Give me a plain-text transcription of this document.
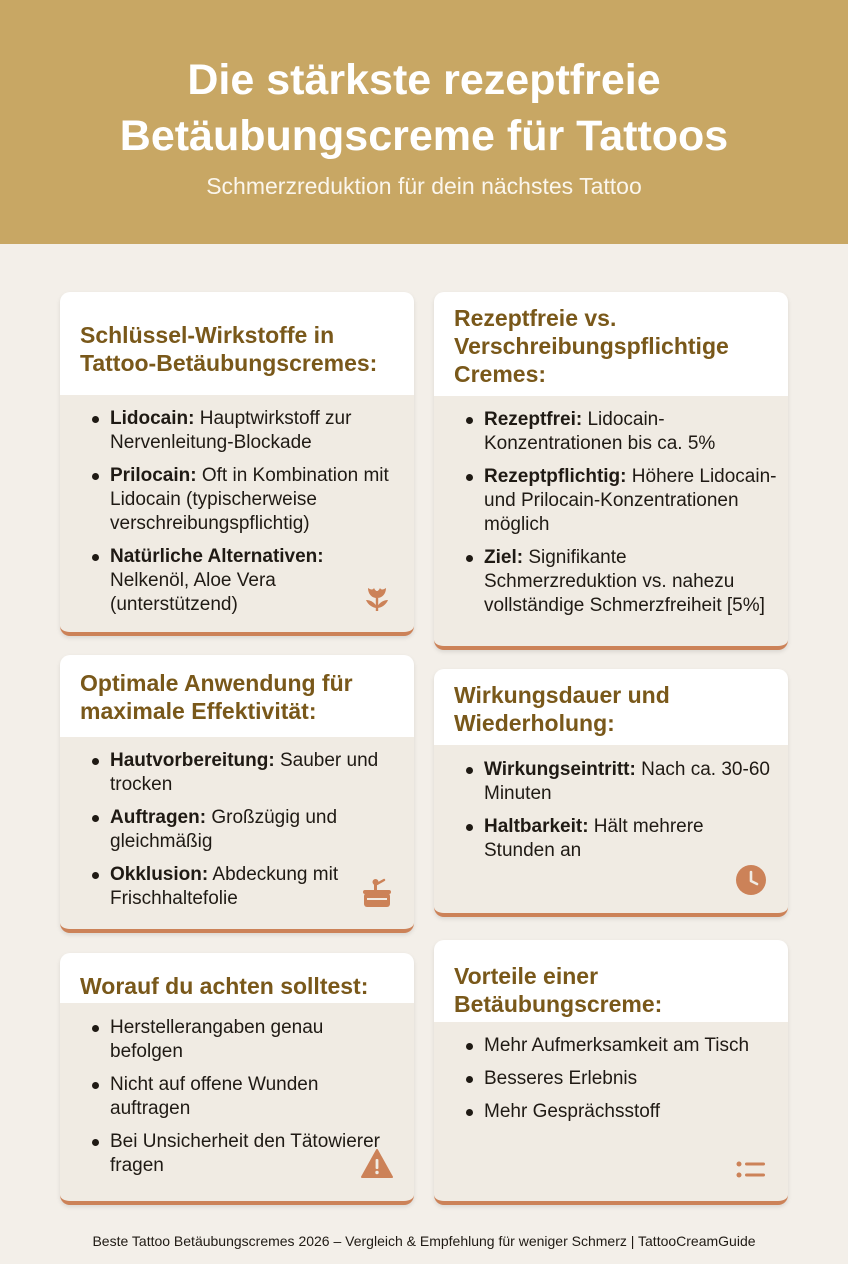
Die stärkste rezeptfreie
Betäubungscreme für Tattoos
Schmerzreduktion für dein nächstes Tattoo
Schlüssel-Wirkstoffe in
Tattoo-Betäubungscremes:
Lidocain: Hauptwirkstoff zur Nervenleitung-Blockade
Prilocain: Oft in Kombination mit Lidocain (typischerweise verschreibungspflichtig)
Natürliche Alternativen: Nelkenöl, Aloe Vera (unterstützend)
Rezeptfreie vs.
Verschreibungspflichtige
Cremes:
Rezeptfrei: Lidocain-Konzentrationen bis ca. 5%
Rezeptpflichtig: Höhere Lidocain- und Prilocain-Konzentrationen möglich
Ziel: Signifikante Schmerzreduktion vs. nahezu vollständige Schmerzfreiheit [5%]
Optimale Anwendung für
maximale Effektivität:
Hautvorbereitung: Sauber und trocken
Auftragen: Großzügig und gleichmäßig
Okklusion: Abdeckung mit Frischhaltefolie
Wirkungsdauer und
Wiederholung:
Wirkungseintritt: Nach ca. 30-60 Minuten
Haltbarkeit: Hält mehrere Stunden an
Worauf du achten solltest:
Herstellerangaben genau befolgen
Nicht auf offene Wunden auftragen
Bei Unsicherheit den Tätowierer fragen
Vorteile einer
Betäubungscreme:
Mehr Aufmerksamkeit am Tisch
Besseres Erlebnis
Mehr Gesprächsstoff
Beste Tattoo Betäubungscremes 2026 – Vergleich & Empfehlung für weniger Schmerz | TattooCreamGuide
